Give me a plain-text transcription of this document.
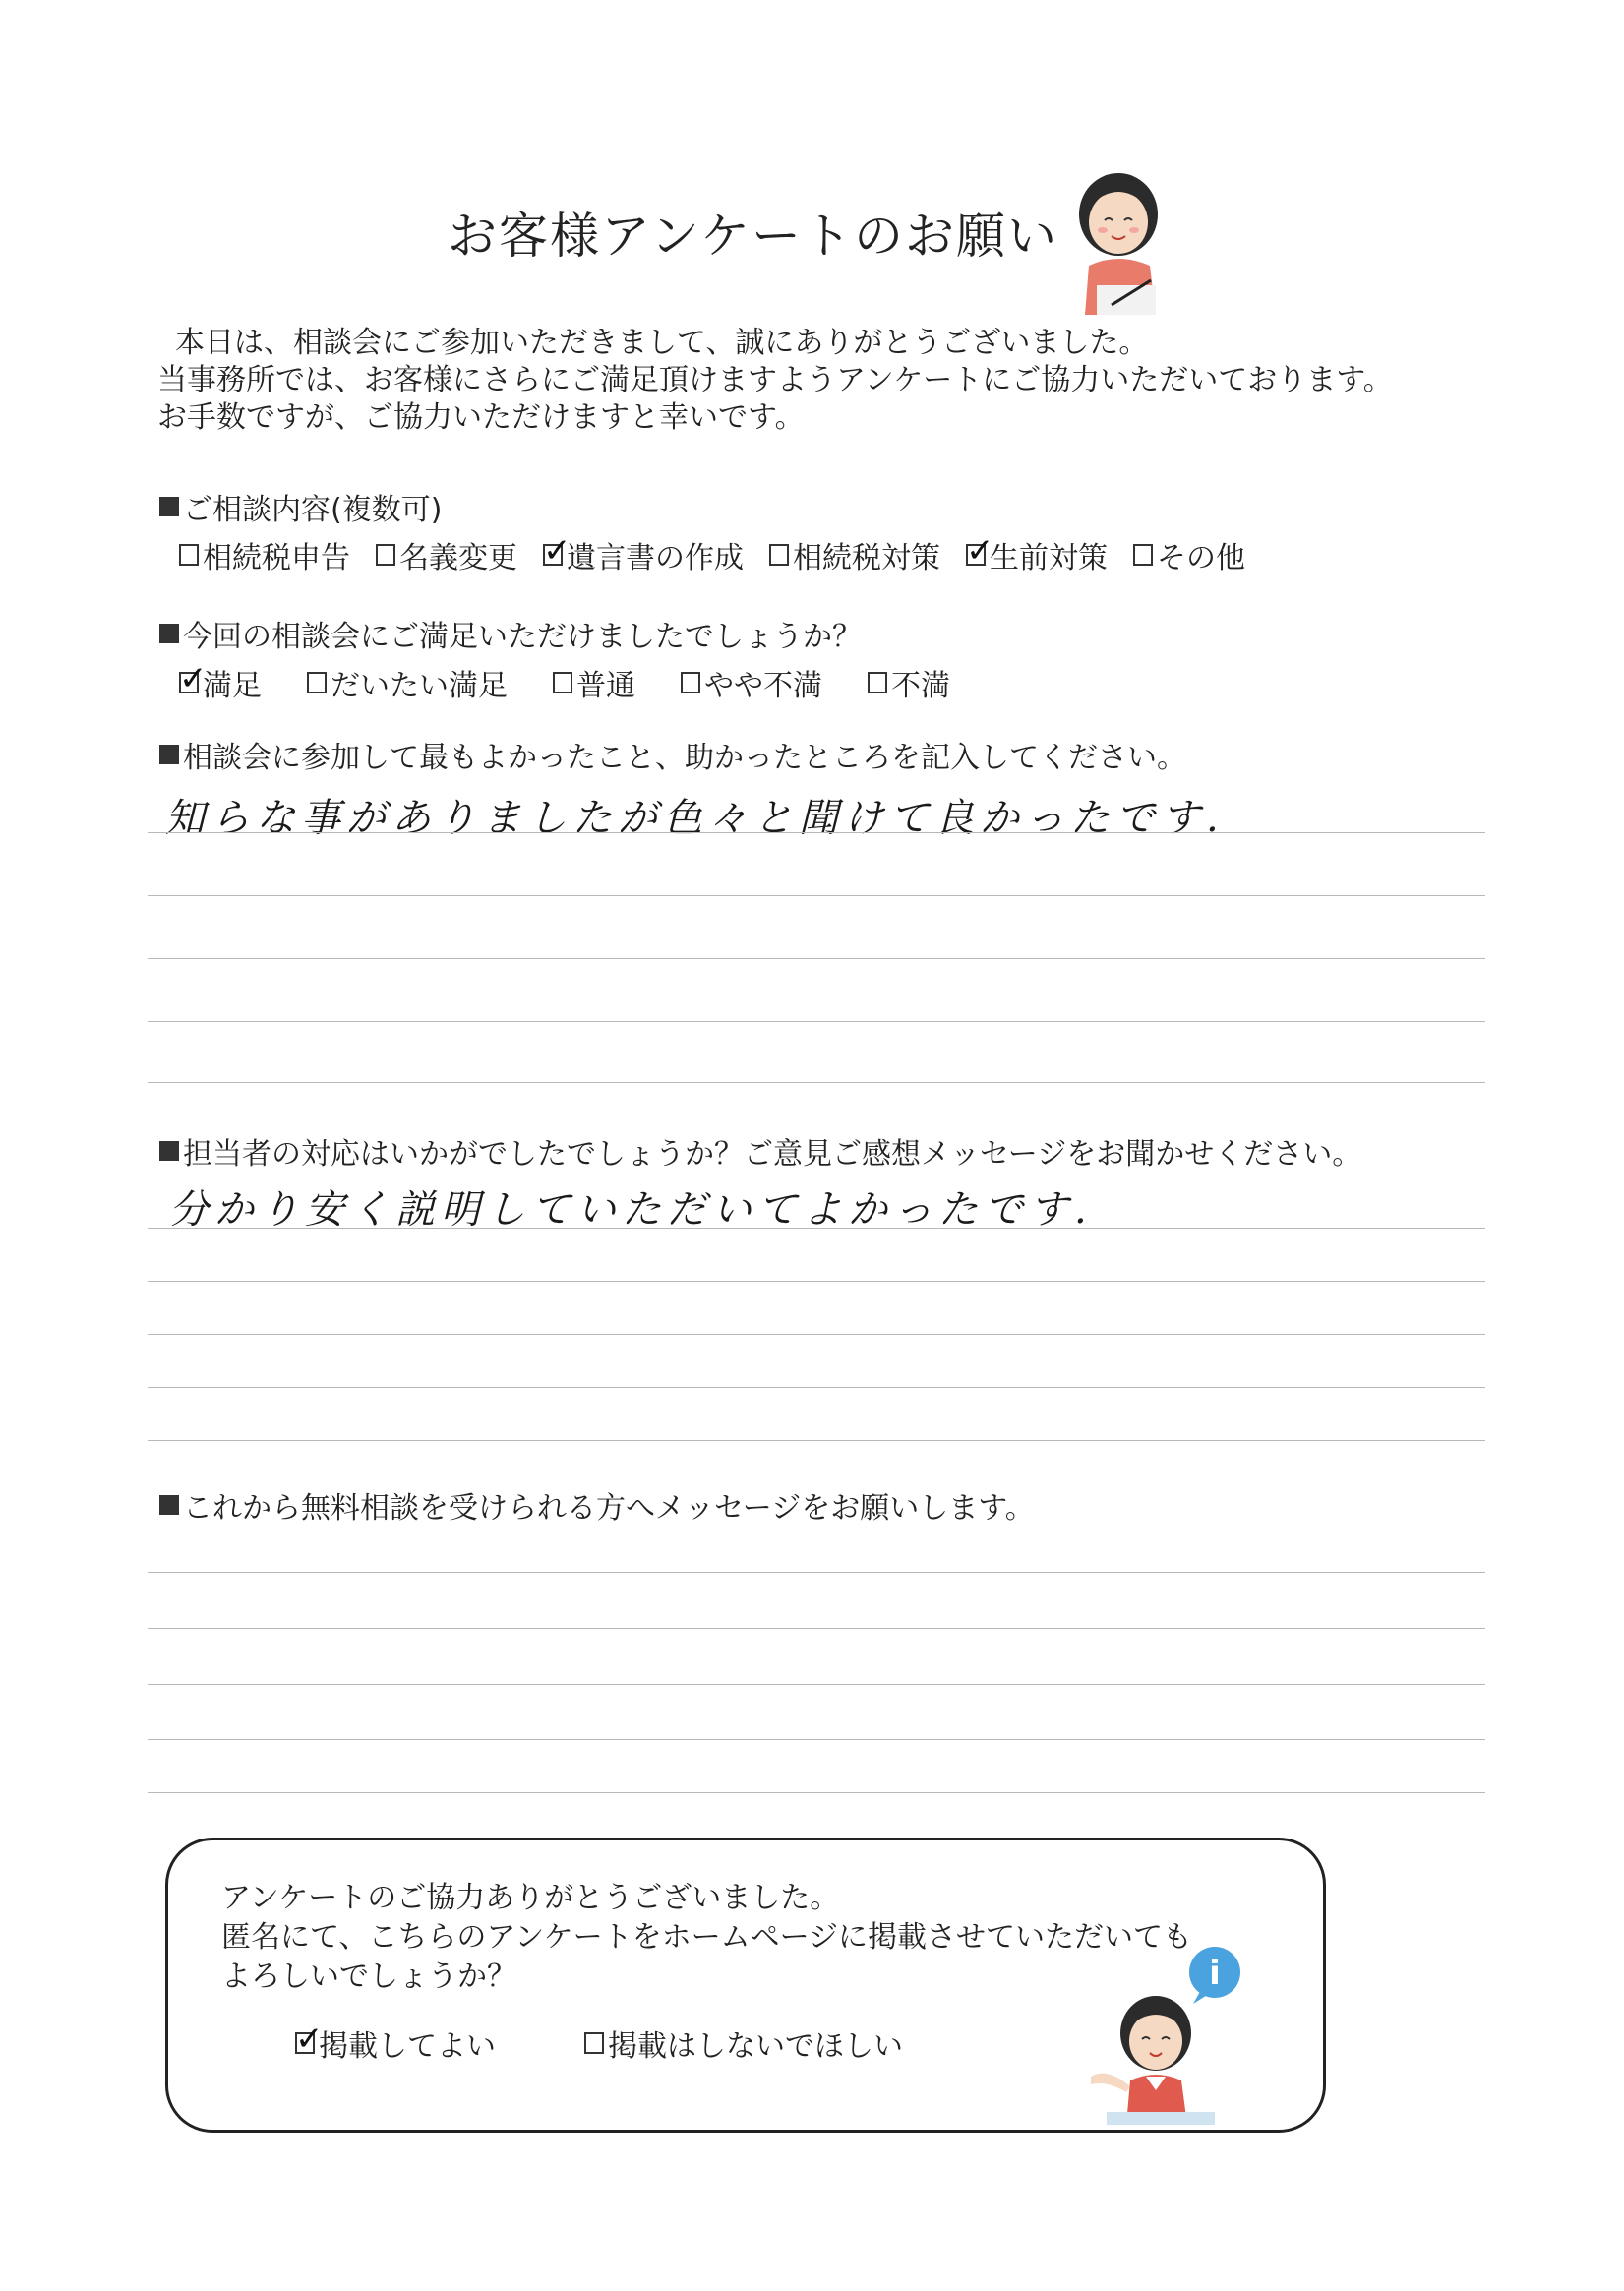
お客様アンケートのお願い
本日は、相談会にご参加いただきまして、誠にありがとうございました。
当事務所では、お客様にさらにご満足頂けますようアンケートにご協力いただいております。
お手数ですが、ご協力いただけますと幸いです。
ご相談内容(複数可)
相続税申告 名義変更 ✓
遺言書の作成 相続税対策 ✓
生前対策 その他
今回の相談会にご満足いただけましたでしょうか？
✓
満足 だいたい満足 普通 やや不満 不満
相談会に参加して最もよかったこと、助かったところを記入してください。
知らな事がありましたが色々と聞けて良かったです.
担当者の対応はいかがでしたでしょうか？ご意見ご感想メッセージをお聞かせください。
分かり安く説明していただいてよかったです.
これから無料相談を受けられる方へメッセージをお願いします。
アンケートのご協力ありがとうございました。
匿名にて、こちらのアンケートをホームページに掲載させていただいても
よろしいでしょうか？
✓
掲載してよい	掲載はしないでほしい
i
